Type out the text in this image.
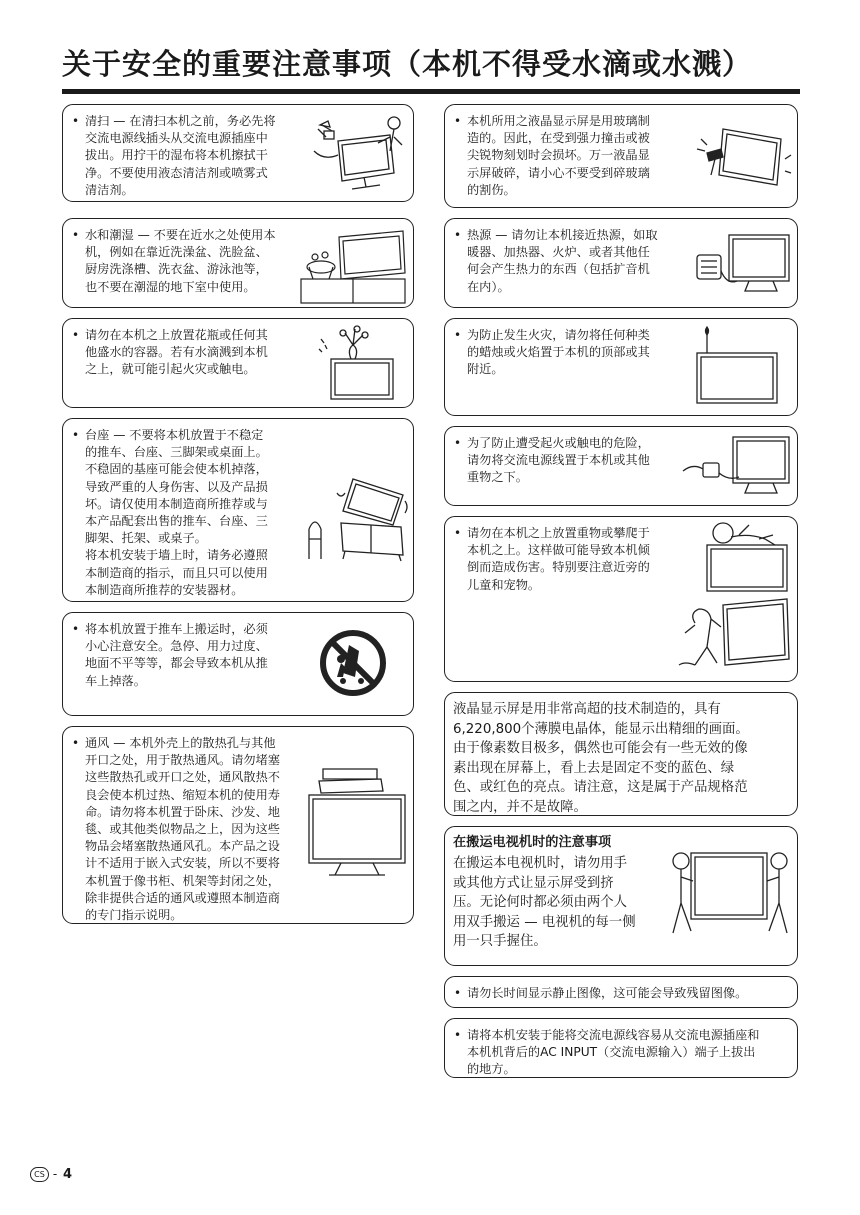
关于安全的重要注意事项（本机不得受水滴或水溅）
• 清扫 — 在清扫本机之前，务必先将
交流电源线插头从交流电源插座中
拔出。用拧干的湿布将本机擦拭干
净。不要使用液态清洁剂或喷雾式
清洁剂。

• 水和潮湿 — 不要在近水之处使用本
机，例如在靠近洗澡盆、洗脸盆、
厨房洗涤槽、洗衣盆、游泳池等，
也不要在潮湿的地下室中使用。

• 请勿在本机之上放置花瓶或任何其
他盛水的容器。若有水滴溅到本机
之上，就可能引起火灾或触电。

• 台座 — 不要将本机放置于不稳定
的推车、台座、三脚架或桌面上。
不稳固的基座可能会使本机掉落，
导致严重的人身伤害、以及产品损
坏。请仅使用本制造商所推荐或与
本产品配套出售的推车、台座、三
脚架、托架、或桌子。
将本机安装于墙上时，请务必遵照
本制造商的指示，而且只可以使用
本制造商所推荐的安装器材。

• 将本机放置于推车上搬运时，必须
小心注意安全。急停、用力过度、
地面不平等等，都会导致本机从推
车上掉落。

• 通风 — 本机外壳上的散热孔与其他
开口之处，用于散热通风。请勿堵塞
这些散热孔或开口之处，通风散热不
良会使本机过热、缩短本机的使用寿
命。请勿将本机置于卧床、沙发、地
毯、或其他类似物品之上，因为这些
物品会堵塞散热通风孔。本产品之设
计不适用于嵌入式安装，所以不要将
本机置于像书柜、机架等封闭之处，
除非提供合适的通风或遵照本制造商
的专门指示说明。

• 本机所用之液晶显示屏是用玻璃制
造的。因此，在受到强力撞击或被
尖锐物刻划时会损坏。万一液晶显
示屏破碎，请小心不要受到碎玻璃
的割伤。

• 热源 — 请勿让本机接近热源，如取
暖器、加热器、火炉、或者其他任
何会产生热力的东西（包括扩音机
在内）。

• 为防止发生火灾，请勿将任何种类
的蜡烛或火焰置于本机的顶部或其
附近。

• 为了防止遭受起火或触电的危险，
请勿将交流电源线置于本机或其他
重物之下。

• 请勿在本机之上放置重物或攀爬于
本机之上。这样做可能导致本机倾
倒而造成伤害。特别要注意近旁的
儿童和宠物。

液晶显示屏是用非常高超的技术制造的，具有
6,220,800个薄膜电晶体，能显示出精细的画面。
由于像素数目极多，偶然也可能会有一些无效的像
素出现在屏幕上，看上去是固定不变的蓝色、绿
色、或红色的亮点。请注意，这是属于产品规格范
围之内，并不是故障。

在搬运电视机时的注意事项

在搬运本电视机时，请勿用手
或其他方式让显示屏受到挤
压。无论何时都必须由两个人
用双手搬运 — 电视机的每一侧
用一只手握住。

• 请勿长时间显示静止图像，这可能会导致残留图像。

• 请将本机安装于能将交流电源线容易从交流电源插座和
本机机背后的AC INPUT（交流电源输入）端子上拔出
的地方。

CS - 4
